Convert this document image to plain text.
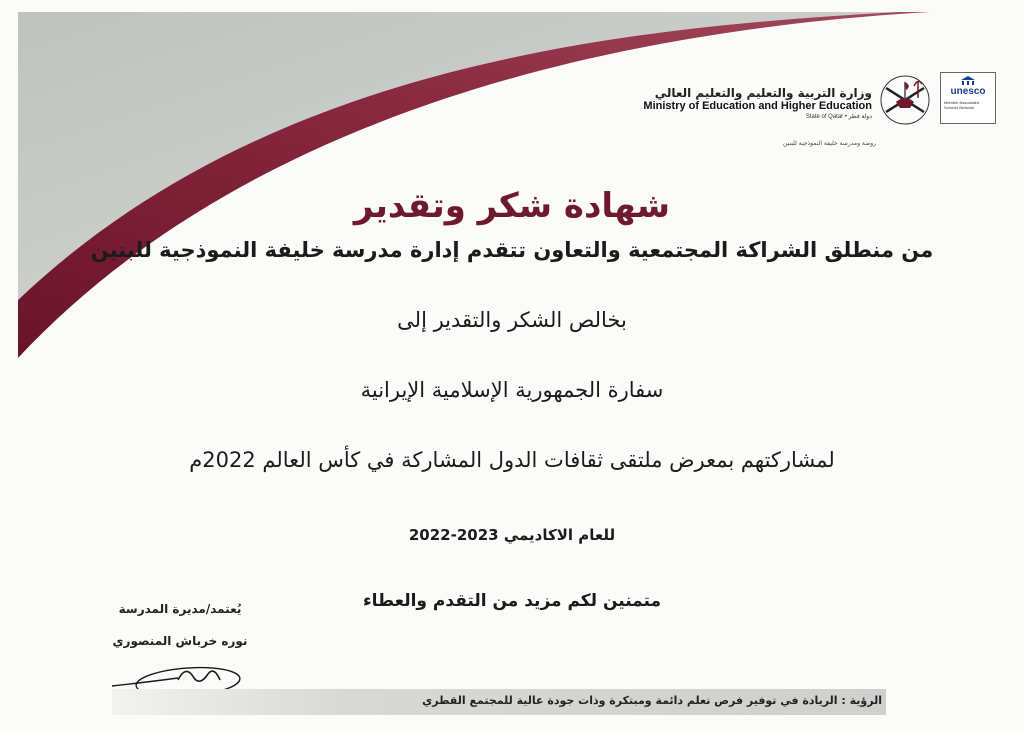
وزارة التربية والتعليم والتعليم العالي
Ministry of Education and Higher Education
State of Qatar • دولة قطر
روضة ومدرسة خليفة النموذجية للبنين
unesco
Member Associated Schools Network
شهادة شكر وتقدير
من منطلق الشراكة المجتمعية والتعاون تتقدم إدارة مدرسة خليفة النموذجية للبنين
بخالص الشكر والتقدير إلى
سفارة الجمهورية الإسلامية الإيرانية
لمشاركتهم بمعرض ملتقى ثقافات الدول المشاركة في كأس العالم 2022م
للعام الاكاديمي 2023-2022
متمنين لكم مزيد من التقدم والعطاء
يُعتمد/مديرة المدرسة
نوره خرباش المنصوري
الرؤية : الريادة في توفير فرص تعلم دائمة ومبتكرة وذات جودة عالية للمجتمع القطري
